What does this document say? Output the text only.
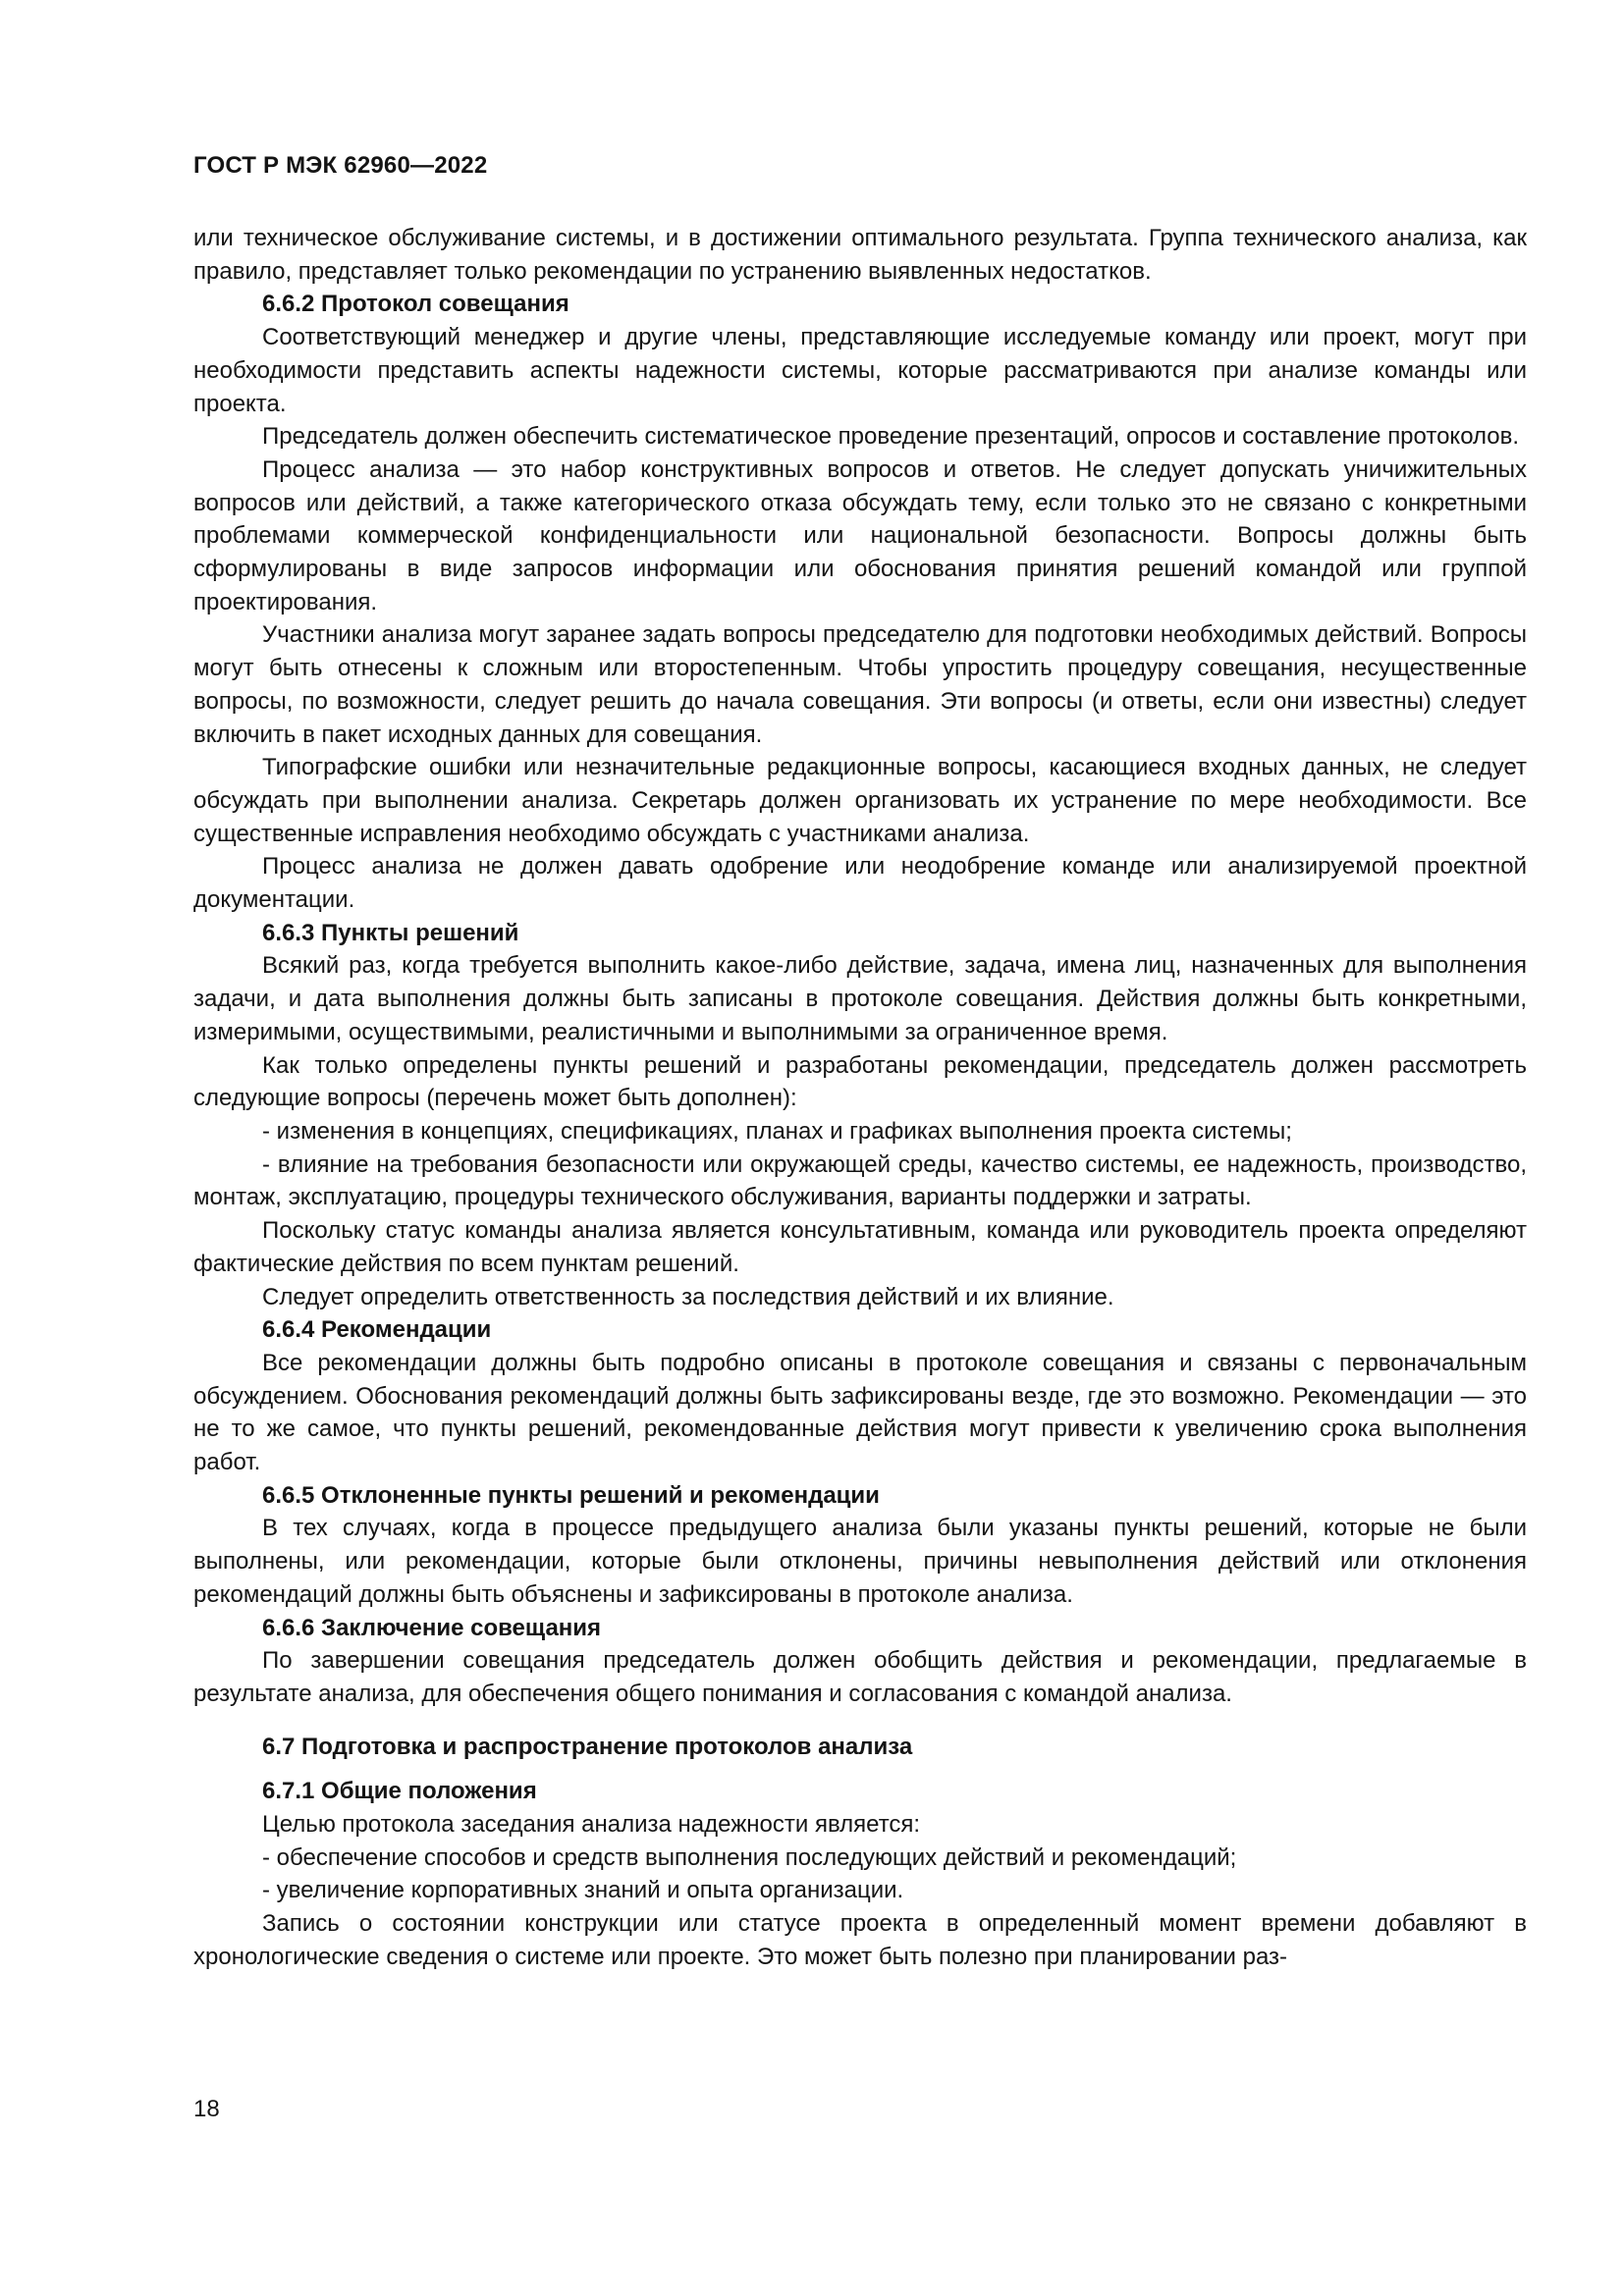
ГОСТ Р МЭК 62960—2022

или техническое обслуживание системы, и в достижении оптимального результата. Группа технического анализа, как правило, представляет только рекомендации по устранению выявленных недостатков.

6.6.2 Протокол совещания

Соответствующий менеджер и другие члены, представляющие исследуемые команду или проект, могут при необходимости представить аспекты надежности системы, которые рассматриваются при анализе команды или проекта.

Председатель должен обеспечить систематическое проведение презентаций, опросов и составление протоколов.

Процесс анализа — это набор конструктивных вопросов и ответов. Не следует допускать уничижительных вопросов или действий, а также категорического отказа обсуждать тему, если только это не связано с конкретными проблемами коммерческой конфиденциальности или национальной безопасности. Вопросы должны быть сформулированы в виде запросов информации или обоснования принятия решений командой или группой проектирования.

Участники анализа могут заранее задать вопросы председателю для подготовки необходимых действий. Вопросы могут быть отнесены к сложным или второстепенным. Чтобы упростить процедуру совещания, несущественные вопросы, по возможности, следует решить до начала совещания. Эти вопросы (и ответы, если они известны) следует включить в пакет исходных данных для совещания.

Типографские ошибки или незначительные редакционные вопросы, касающиеся входных данных, не следует обсуждать при выполнении анализа. Секретарь должен организовать их устранение по мере необходимости. Все существенные исправления необходимо обсуждать с участниками анализа.

Процесс анализа не должен давать одобрение или неодобрение команде или анализируемой проектной документации.

6.6.3 Пункты решений

Всякий раз, когда требуется выполнить какое-либо действие, задача, имена лиц, назначенных для выполнения задачи, и дата выполнения должны быть записаны в протоколе совещания. Действия должны быть конкретными, измеримыми, осуществимыми, реалистичными и выполнимыми за ограниченное время.

Как только определены пункты решений и разработаны рекомендации, председатель должен рассмотреть следующие вопросы (перечень может быть дополнен):

- изменения в концепциях, спецификациях, планах и графиках выполнения проекта системы;

- влияние на требования безопасности или окружающей среды, качество системы, ее надежность, производство, монтаж, эксплуатацию, процедуры технического обслуживания, варианты поддержки и затраты.

Поскольку статус команды анализа является консультативным, команда или руководитель проекта определяют фактические действия по всем пунктам решений.

Следует определить ответственность за последствия действий и их влияние.

6.6.4 Рекомендации

Все рекомендации должны быть подробно описаны в протоколе совещания и связаны с первоначальным обсуждением. Обоснования рекомендаций должны быть зафиксированы везде, где это возможно. Рекомендации — это не то же самое, что пункты решений, рекомендованные действия могут привести к увеличению срока выполнения работ.

6.6.5 Отклоненные пункты решений и рекомендации

В тех случаях, когда в процессе предыдущего анализа были указаны пункты решений, которые не были выполнены, или рекомендации, которые были отклонены, причины невыполнения действий или отклонения рекомендаций должны быть объяснены и зафиксированы в протоколе анализа.

6.6.6 Заключение совещания

По завершении совещания председатель должен обобщить действия и рекомендации, предлагаемые в результате анализа, для обеспечения общего понимания и согласования с командой анализа.

6.7 Подготовка и распространение протоколов анализа

6.7.1 Общие положения

Целью протокола заседания анализа надежности является:

- обеспечение способов и средств выполнения последующих действий и рекомендаций;

- увеличение корпоративных знаний и опыта организации.

Запись о состоянии конструкции или статусе проекта в определенный момент времени добавляют в хронологические сведения о системе или проекте. Это может быть полезно при планировании раз-

18
